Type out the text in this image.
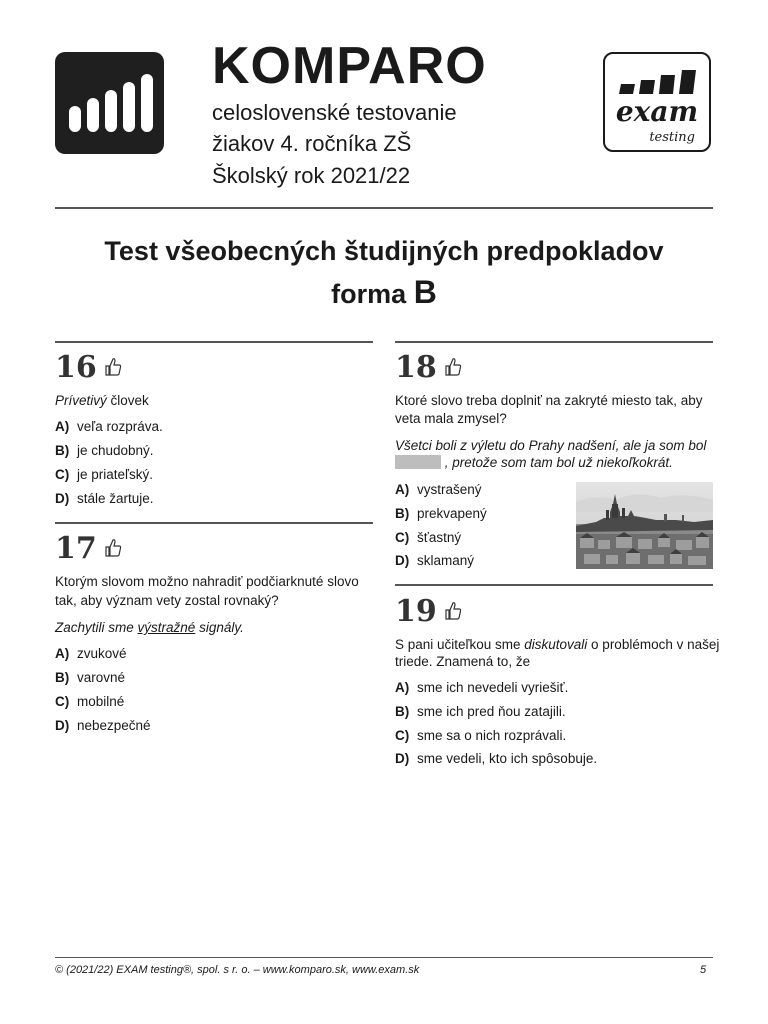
KOMPARO
celoslovenské testovanie
žiakov 4. ročníka ZŠ
Školský rok 2021/22
exam
testing
Test všeobecných študijných predpokladov
forma B
16
Prívetivý človek
A) veľa rozpráva.
B) je chudobný.
C) je priateľský.
D) stále žartuje.
17
Ktorým slovom možno nahradiť podčiarknuté slovo
tak, aby význam vety zostal rovnaký?
Zachytili sme výstražné signály.
A) zvukové
B) varovné
C) mobilné
D) nebezpečné
18
Ktoré slovo treba doplniť na zakryté miesto tak, aby
veta mala zmysel?
Všetci boli z výletu do Prahy nadšení, ale ja som bol
, pretože som tam bol už niekoľkokrát.
A) vystrašený
B) prekvapený
C) šťastný
D) sklamaný
19
S pani učiteľkou sme diskutovali o problémoch v našej
triede. Znamená to, že
A) sme ich nevedeli vyriešiť.
B) sme ich pred ňou zatajili.
C) sme sa o nich rozprávali.
D) sme vedeli, kto ich spôsobuje.
© (2021/22) EXAM testing®, spol. s r. o. – www.komparo.sk, www.exam.sk	5
